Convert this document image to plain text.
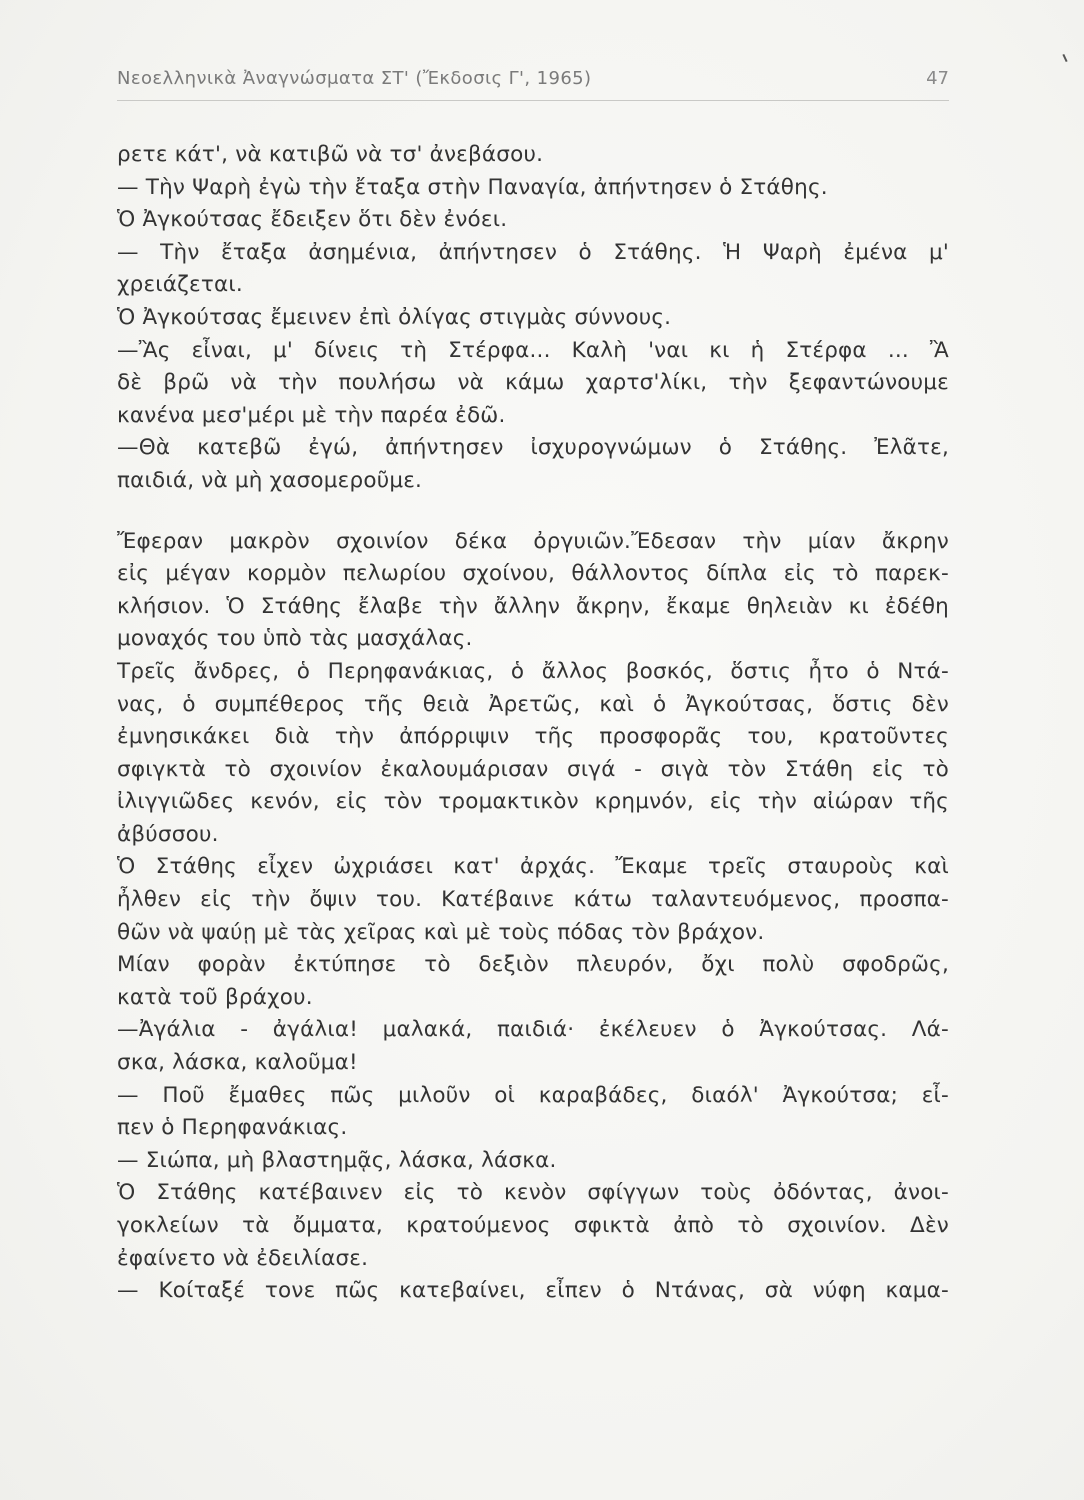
Νεοελληνικὰ Ἀναγνώσματα ΣΤ' (Ἔκδοσις Γ', 1965)	47
ρετε κάτ', νὰ κατιβῶ νὰ τσ' ἀνεβάσου.
— Τὴν Ψαρὴ ἐγὼ τὴν ἔταξα στὴν Παναγία, ἀπήντησεν ὁ Στάθης.
Ὁ Ἀγκούτσας ἔδειξεν ὅτι δὲν ἐνόει.
— Τὴν ἔταξα ἀσημένια, ἀπήντησεν ὁ Στάθης. Ἡ Ψαρὴ ἐμένα μ'
χρειάζεται.
Ὁ Ἀγκούτσας ἔμεινεν ἐπὶ ὀλίγας στιγμὰς σύννους.
—Ἂς εἶναι, μ' δίνεις τὴ Στέρφα... Καλὴ 'ναι κι ἡ Στέρφα ... Ἂ
δὲ βρῶ νὰ τὴν πουλήσω νὰ κάμω χαρτσ'λίκι, τὴν ξεφαντώνουμε
κανένα μεσ'μέρι μὲ τὴν παρέα ἐδῶ.
—Θὰ κατεβῶ ἐγώ, ἀπήντησεν ἰσχυρογνώμων ὁ Στάθης. Ἐλᾶτε,
παιδιά, νὰ μὴ χασομεροῦμε.
Ἔφεραν μακρὸν σχοινίον δέκα ὀργυιῶν.Ἔδεσαν τὴν μίαν ἄκρην
εἰς μέγαν κορμὸν πελωρίου σχοίνου, θάλλοντος δίπλα εἰς τὸ παρεκ-
κλήσιον. Ὁ Στάθης ἔλαβε τὴν ἄλλην ἄκρην, ἔκαμε θηλειὰν κι ἐδέθη
μοναχός του ὑπὸ τὰς μασχάλας.
Τρεῖς ἄνδρες, ὁ Περηφανάκιας, ὁ ἄλλος βοσκός, ὅστις ἦτο ὁ Ντά-
νας, ὁ συμπέθερος τῆς θειὰ Ἀρετῶς, καὶ ὁ Ἀγκούτσας, ὅστις δὲν
ἐμνησικάκει διὰ τὴν ἀπόρριψιν τῆς προσφορᾶς του, κρατοῦντες
σφιγκτὰ τὸ σχοινίον ἐκαλουμάρισαν σιγά - σιγὰ τὸν Στάθη εἰς τὸ
ἰλιγγιῶδες κενόν, εἰς τὸν τρομακτικὸν κρημνόν, εἰς τὴν αἰώραν τῆς
ἀβύσσου.
Ὁ Στάθης εἶχεν ὠχριάσει κατ' ἀρχάς. Ἔκαμε τρεῖς σταυροὺς καὶ
ἦλθεν εἰς τὴν ὄψιν του. Κατέβαινε κάτω ταλαντευόμενος, προσπα-
θῶν νὰ ψαύῃ μὲ τὰς χεῖρας καὶ μὲ τοὺς πόδας τὸν βράχον.
Μίαν φορὰν ἐκτύπησε τὸ δεξιὸν πλευρόν, ὄχι πολὺ σφοδρῶς,
κατὰ τοῦ βράχου.
—Ἀγάλια - ἀγάλια! μαλακά, παιδιά· ἐκέλευεν ὁ Ἀγκούτσας. Λά-
σκα, λάσκα, καλοῦμα!
— Ποῦ ἔμαθες πῶς μιλοῦν οἱ καραβάδες, διαόλ' Ἀγκούτσα; εἶ-
πεν ὁ Περηφανάκιας.
— Σιώπα, μὴ βλαστημᾷς, λάσκα, λάσκα.
Ὁ Στάθης κατέβαινεν εἰς τὸ κενὸν σφίγγων τοὺς ὀδόντας, ἀνοι-
γοκλείων τὰ ὄμματα, κρατούμενος σφικτὰ ἀπὸ τὸ σχοινίον. Δὲν
ἐφαίνετο νὰ ἐδειλίασε.
— Κοίταξέ τονε πῶς κατεβαίνει, εἶπεν ὁ Ντάνας, σὰ νύφη καμα-
